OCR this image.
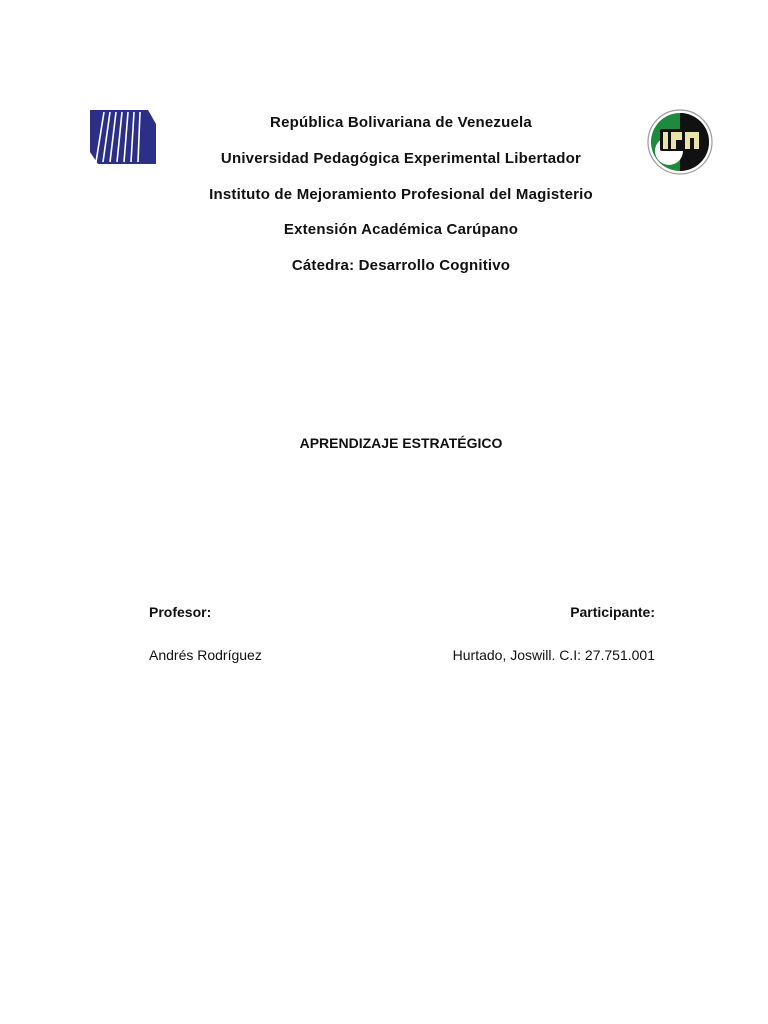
República Bolivariana de Venezuela
Universidad Pedagógica Experimental Libertador
Instituto de Mejoramiento Profesional del Magisterio
Extensión Académica Carúpano
Cátedra: Desarrollo Cognitivo
APRENDIZAJE ESTRATÉGICO
Profesor:	Participante:
Andrés Rodríguez	Hurtado, Joswill. C.I: 27.751.001
